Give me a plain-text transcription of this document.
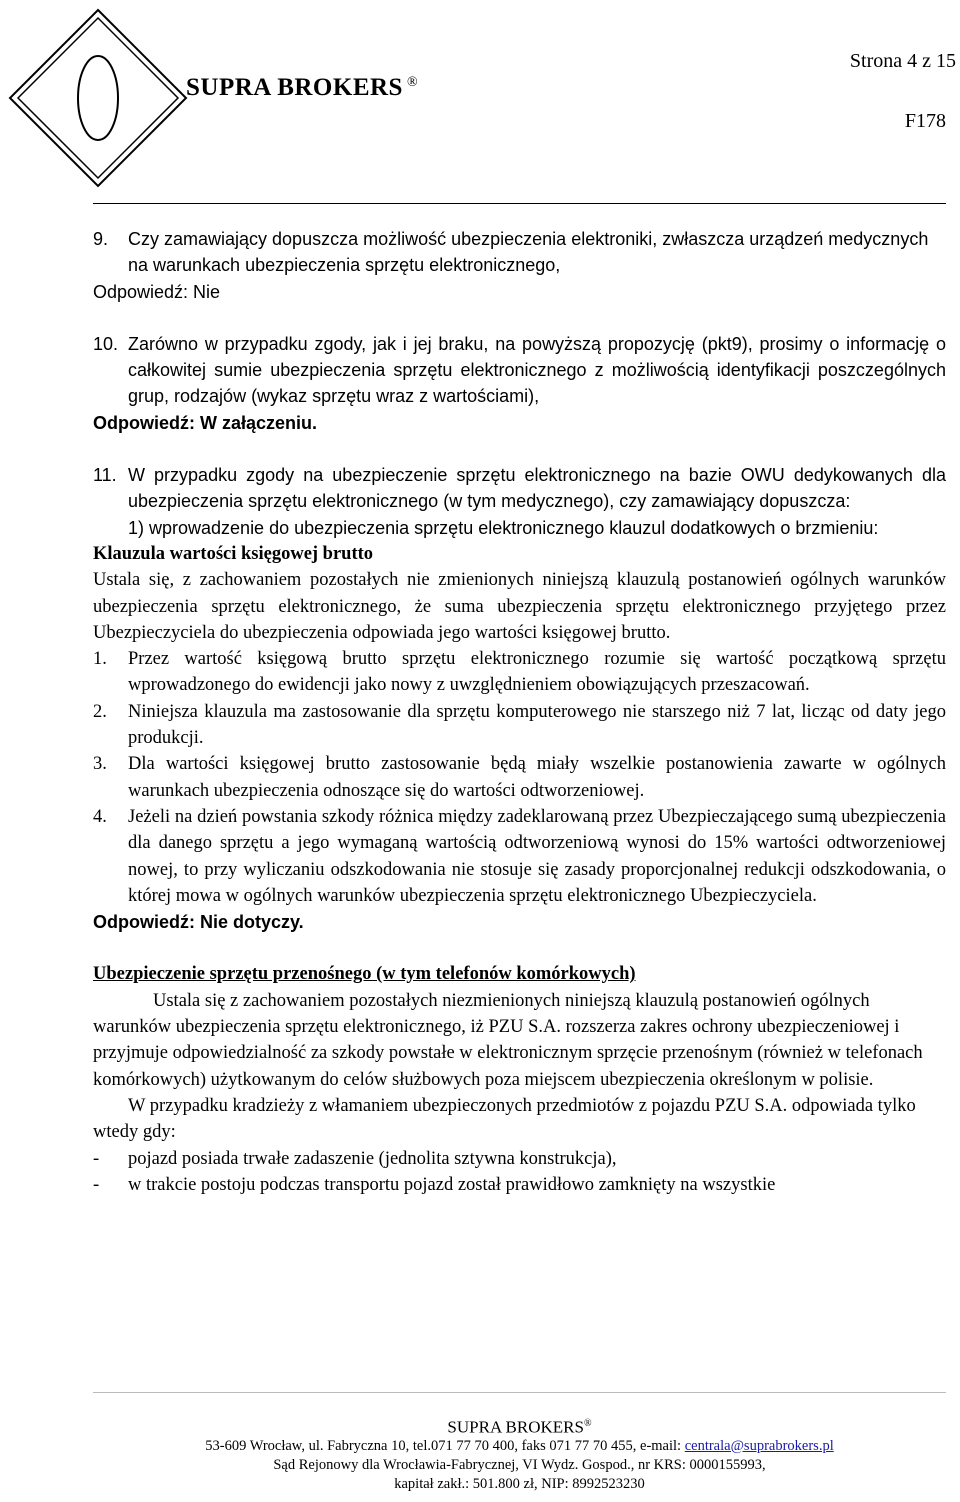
SUPRA BROKERS ®
Strona 4 z 15
F178
9.	Czy zamawiający dopuszcza możliwość ubezpieczenia elektroniki, zwłaszcza urządzeń medycznych na warunkach ubezpieczenia sprzętu elektronicznego,
Odpowiedź: Nie
10. Zarówno w przypadku zgody, jak i jej braku, na powyższą propozycję (pkt9), prosimy o informację o całkowitej sumie ubezpieczenia sprzętu elektronicznego z możliwością identyfikacji poszczególnych grup, rodzajów (wykaz sprzętu wraz z wartościami),
Odpowiedź: W załączeniu.
11. W przypadku zgody na ubezpieczenie sprzętu elektronicznego na bazie OWU dedykowanych dla ubezpieczenia sprzętu elektronicznego (w tym medycznego), czy zamawiający dopuszcza:
1) wprowadzenie do ubezpieczenia sprzętu elektronicznego klauzul dodatkowych o brzmieniu:
Klauzula wartości księgowej brutto
Ustala się, z zachowaniem pozostałych nie zmienionych niniejszą klauzulą postanowień ogólnych warunków ubezpieczenia sprzętu elektronicznego, że suma ubezpieczenia sprzętu elektronicznego przyjętego przez Ubezpieczyciela do ubezpieczenia odpowiada jego wartości księgowej brutto.
1.	Przez wartość księgową brutto sprzętu elektronicznego rozumie się wartość początkową sprzętu wprowadzonego do ewidencji jako nowy z uwzględnieniem obowiązujących przeszacowań.
2.	Niniejsza klauzula ma zastosowanie dla sprzętu komputerowego nie starszego niż 7 lat, licząc od daty jego produkcji.
3.	Dla wartości księgowej brutto zastosowanie będą miały wszelkie postanowienia zawarte w ogólnych warunkach ubezpieczenia odnoszące się do wartości odtworzeniowej.
4.	Jeżeli na dzień powstania szkody różnica między zadeklarowaną przez Ubezpieczającego sumą ubezpieczenia dla danego sprzętu a jego wymaganą wartością odtworzeniową wynosi do 15% wartości odtworzeniowej nowej, to przy wyliczaniu odszkodowania nie stosuje się zasady proporcjonalnej redukcji odszkodowania, o której mowa w ogólnych warunków ubezpieczenia sprzętu elektronicznego Ubezpieczyciela.
Odpowiedź: Nie dotyczy.
Ubezpieczenie sprzętu przenośnego (w tym telefonów komórkowych)
Ustala się z zachowaniem pozostałych niezmienionych niniejszą klauzulą postanowień ogólnych warunków ubezpieczenia sprzętu elektronicznego, iż PZU S.A. rozszerza zakres ochrony ubezpieczeniowej i przyjmuje odpowiedzialność za szkody powstałe w elektronicznym sprzęcie przenośnym (również w telefonach komórkowych) użytkowanym do celów służbowych poza miejscem ubezpieczenia określonym w polisie.
W przypadku kradzieży z włamaniem ubezpieczonych przedmiotów z pojazdu PZU S.A. odpowiada tylko wtedy gdy:
-	pojazd posiada trwałe zadaszenie (jednolita sztywna konstrukcja),
-	w trakcie postoju podczas transportu pojazd został prawidłowo zamknięty na wszystkie
SUPRA BROKERS®
53-609 Wrocław, ul. Fabryczna 10, tel.071 77 70 400, faks 071 77 70 455, e-mail: centrala@suprabrokers.pl
Sąd Rejonowy dla Wrocławia-Fabrycznej, VI Wydz. Gospod., nr KRS: 0000155993,
kapitał zakł.: 501.800 zł, NIP: 8992523230
